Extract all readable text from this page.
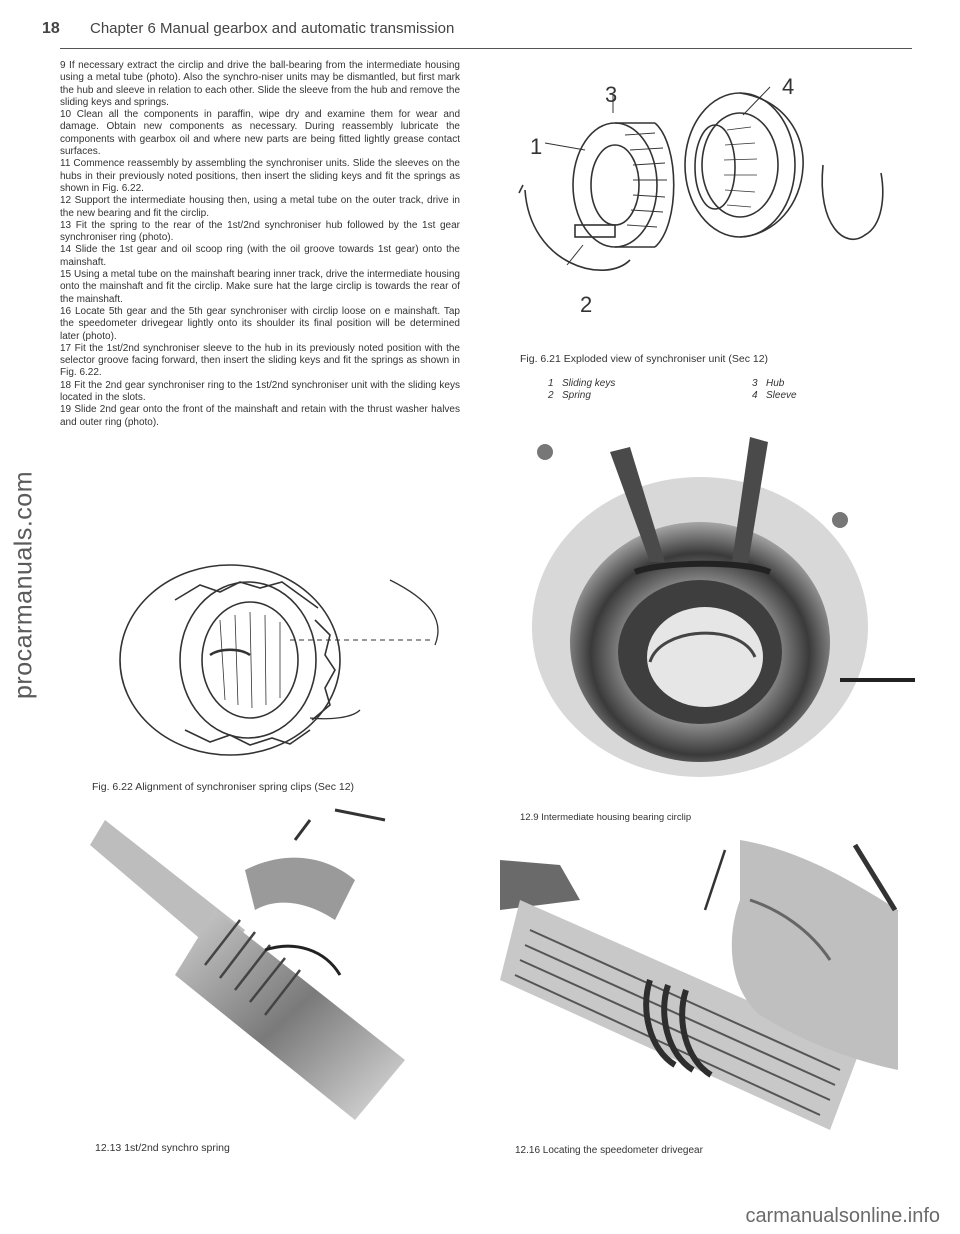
procarmanuals.com
18 Chapter 6 Manual gearbox and automatic transmission

9 If necessary extract the circlip and drive the ball-bearing from the intermediate housing using a metal tube (photo). Also the synchro-niser units may be dismantled, but first mark the hub and sleeve in relation to each other. Slide the sleeve from the hub and remove the sliding keys and springs.

10 Clean all the components in paraffin, wipe dry and examine them for wear and damage. Obtain new components as necessary. During reassembly lubricate the components with gearbox oil and where new parts are being fitted lightly grease contact surfaces.

11 Commence reassembly by assembling the synchroniser units. Slide the sleeves on the hubs in their previously noted positions, then insert the sliding keys and fit the springs as shown in Fig. 6.22.

12 Support the intermediate housing then, using a metal tube on the outer track, drive in the new bearing and fit the circlip.

13 Fit the spring to the rear of the 1st/2nd synchroniser hub followed by the 1st gear synchroniser ring (photo).

14 Slide the 1st gear and oil scoop ring (with the oil groove towards 1st gear) onto the mainshaft.

15 Using a metal tube on the mainshaft bearing inner track, drive the intermediate housing onto the mainshaft and fit the circlip. Make sure hat the large circlip is towards the rear of the mainshaft.

16 Locate 5th gear and the 5th gear synchroniser with circlip loose on e mainshaft. Tap the speedometer drivegear lightly onto its shoulder its final position will be determined later (photo).

17 Fit the 1st/2nd synchroniser sleeve to the hub in its previously noted position with the selector groove facing forward, then insert the sliding keys and fit the springs as shown in Fig. 6.22.

18 Fit the 2nd gear synchroniser ring to the 1st/2nd synchroniser unit with the sliding keys located in the slots.

19 Slide 2nd gear onto the front of the mainshaft and retain with the thrust washer halves and outer ring (photo).

1
2
3	4
Fig. 6.21 Exploded view of synchroniser unit (Sec 12)
1 Sliding keys
2 Spring
3 Hub
4 Sleeve
12.9 Intermediate housing bearing circlip
Fig. 6.22 Alignment of synchroniser spring clips (Sec 12)
12.13 1st/2nd synchro spring	12.16 Locating the speedometer drivegear
carmanualsonline.info
